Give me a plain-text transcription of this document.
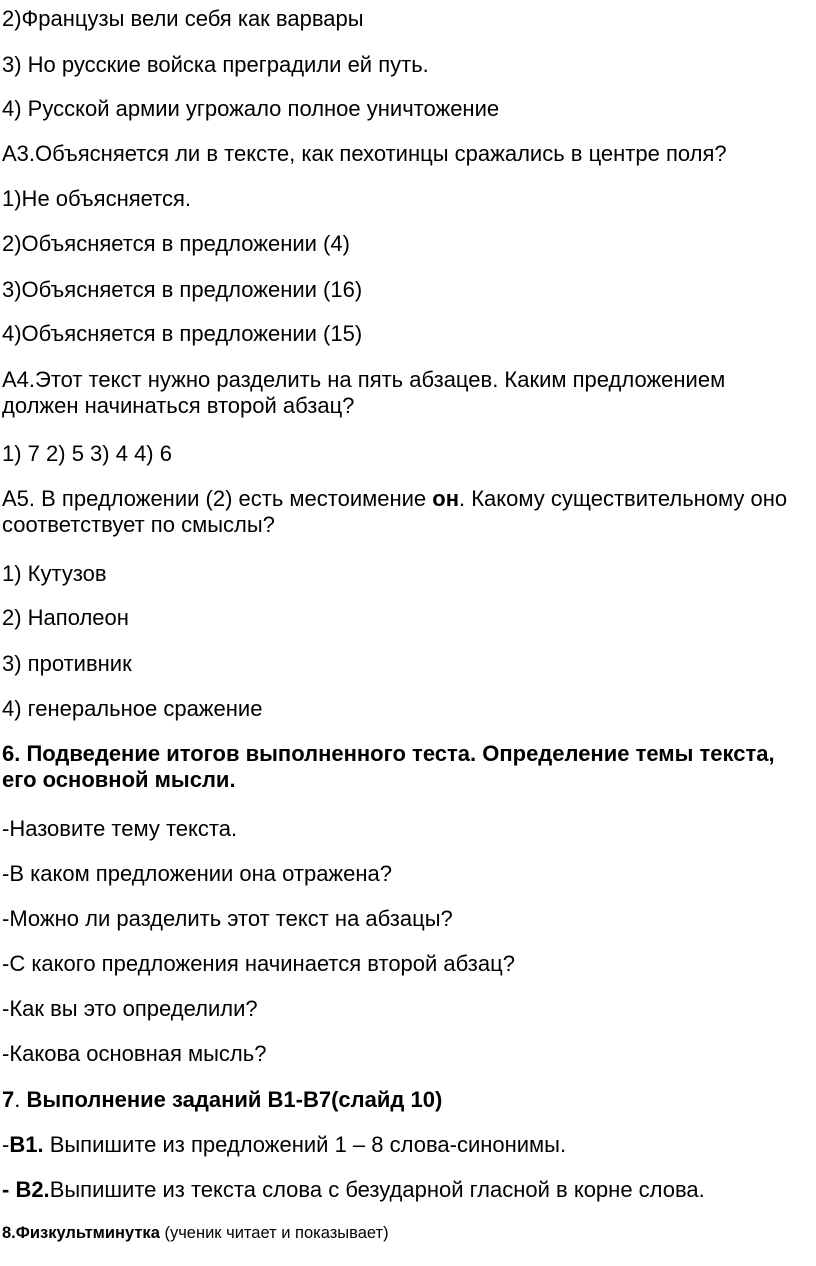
2)Французы вели себя как варвары
3) Но русские войска преградили ей путь.
4) Русской армии угрожало полное уничтожение
А3.Объясняется ли в тексте, как пехотинцы сражались в центре поля?
1)Не объясняется.
2)Объясняется в предложении (4)
3)Объясняется в предложении (16)
4)Объясняется в предложении (15)
А4.Этот текст нужно разделить на пять абзацев. Каким предложением должен начинаться второй абзац?
1) 7 2) 5 3) 4 4) 6
А5. В предложении (2) есть местоимение он. Какому существительному оно соответствует по смыслы?
1) Кутузов
2) Наполеон
3) противник
4) генеральное сражение
6. Подведение итогов выполненного теста. Определение темы текста, его основной мысли.
-Назовите тему текста.
-В каком предложении она отражена?
-Можно ли разделить этот текст на абзацы?
-С какого предложения начинается второй абзац?
-Как вы это определили?
-Какова основная мысль?
7. Выполнение заданий В1-В7(слайд 10)
-В1. Выпишите из предложений 1 – 8 слова-синонимы.
- В2.Выпишите из текста слова с безударной гласной в корне слова.
8.Физкультминутка (ученик читает и показывает)
